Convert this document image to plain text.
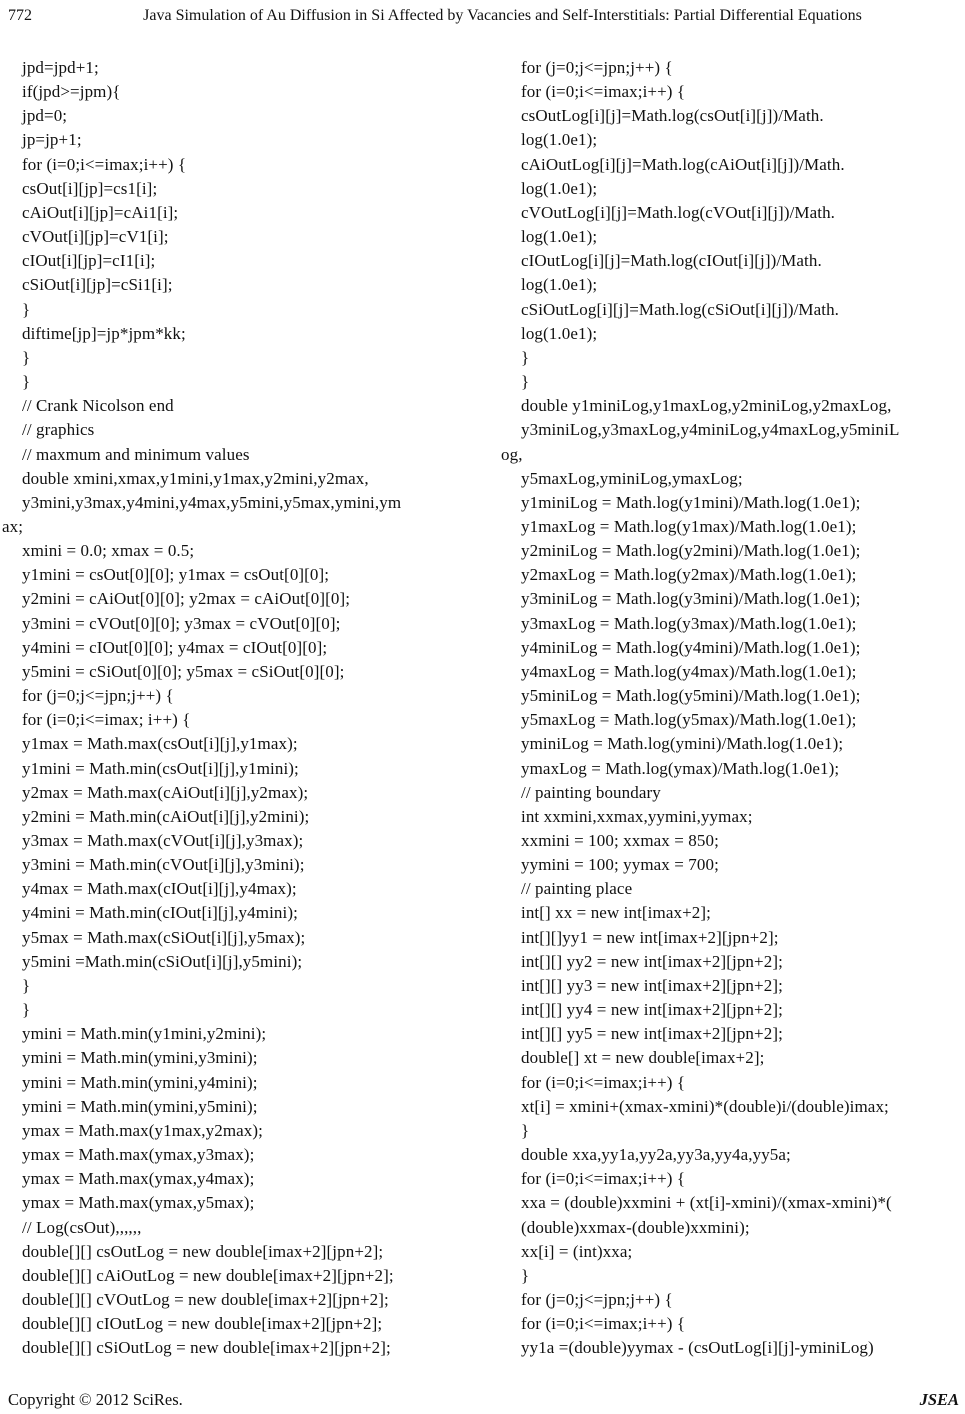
772	Java Simulation of Au Diffusion in Si Affected by Vacancies and Self-Interstitials: Partial Differential Equations
jpd=jpd+1;
if(jpd>=jpm){
jpd=0;
jp=jp+1;
for (i=0;i<=imax;i++) {
csOut[i][jp]=cs1[i];
cAiOut[i][jp]=cAi1[i];
cVOut[i][jp]=cV1[i];
cIOut[i][jp]=cI1[i];
cSiOut[i][jp]=cSi1[i];
}
diftime[jp]=jp*jpm*kk;
}
}
// Crank Nicolson end
// graphics
// maxmum and minimum values
double xmini,xmax,y1mini,y1max,y2mini,y2max,
y3mini,y3max,y4mini,y4max,y5mini,y5max,ymini,ym
ax;
xmini = 0.0; xmax = 0.5;
y1mini = csOut[0][0]; y1max = csOut[0][0];
y2mini = cAiOut[0][0]; y2max = cAiOut[0][0];
y3mini = cVOut[0][0]; y3max = cVOut[0][0];
y4mini = cIOut[0][0]; y4max = cIOut[0][0];
y5mini = cSiOut[0][0]; y5max = cSiOut[0][0];
for (j=0;j<=jpn;j++) {
for (i=0;i<=imax; i++) {
y1max = Math.max(csOut[i][j],y1max);
y1mini = Math.min(csOut[i][j],y1mini);
y2max = Math.max(cAiOut[i][j],y2max);
y2mini = Math.min(cAiOut[i][j],y2mini);
y3max = Math.max(cVOut[i][j],y3max);
y3mini = Math.min(cVOut[i][j],y3mini);
y4max = Math.max(cIOut[i][j],y4max);
y4mini = Math.min(cIOut[i][j],y4mini);
y5max = Math.max(cSiOut[i][j],y5max);
y5mini =Math.min(cSiOut[i][j],y5mini);
}
}
ymini = Math.min(y1mini,y2mini);
ymini = Math.min(ymini,y3mini);
ymini = Math.min(ymini,y4mini);
ymini = Math.min(ymini,y5mini);
ymax = Math.max(y1max,y2max);
ymax = Math.max(ymax,y3max);
ymax = Math.max(ymax,y4max);
ymax = Math.max(ymax,y5max);
// Log(csOut),,,,,,
double[][] csOutLog = new double[imax+2][jpn+2];
double[][] cAiOutLog = new double[imax+2][jpn+2];
double[][] cVOutLog = new double[imax+2][jpn+2];
double[][] cIOutLog = new double[imax+2][jpn+2];
double[][] cSiOutLog = new double[imax+2][jpn+2];
for (j=0;j<=jpn;j++) {
for (i=0;i<=imax;i++) {
csOutLog[i][j]=Math.log(csOut[i][j])/Math.
log(1.0e1);
cAiOutLog[i][j]=Math.log(cAiOut[i][j])/Math.
log(1.0e1);
cVOutLog[i][j]=Math.log(cVOut[i][j])/Math.
log(1.0e1);
cIOutLog[i][j]=Math.log(cIOut[i][j])/Math.
log(1.0e1);
cSiOutLog[i][j]=Math.log(cSiOut[i][j])/Math.
log(1.0e1);
}
}
double y1miniLog,y1maxLog,y2miniLog,y2maxLog,
y3miniLog,y3maxLog,y4miniLog,y4maxLog,y5miniL
og,
y5maxLog,yminiLog,ymaxLog;
y1miniLog = Math.log(y1mini)/Math.log(1.0e1);
y1maxLog = Math.log(y1max)/Math.log(1.0e1);
y2miniLog = Math.log(y2mini)/Math.log(1.0e1);
y2maxLog = Math.log(y2max)/Math.log(1.0e1);
y3miniLog = Math.log(y3mini)/Math.log(1.0e1);
y3maxLog = Math.log(y3max)/Math.log(1.0e1);
y4miniLog = Math.log(y4mini)/Math.log(1.0e1);
y4maxLog = Math.log(y4max)/Math.log(1.0e1);
y5miniLog = Math.log(y5mini)/Math.log(1.0e1);
y5maxLog = Math.log(y5max)/Math.log(1.0e1);
yminiLog = Math.log(ymini)/Math.log(1.0e1);
ymaxLog = Math.log(ymax)/Math.log(1.0e1);
// painting boundary
int xxmini,xxmax,yymini,yymax;
xxmini = 100; xxmax = 850;
yymini = 100; yymax = 700;
// painting place
int[] xx = new int[imax+2];
int[][]yy1 = new int[imax+2][jpn+2];
int[][] yy2 = new int[imax+2][jpn+2];
int[][] yy3 = new int[imax+2][jpn+2];
int[][] yy4 = new int[imax+2][jpn+2];
int[][] yy5 = new int[imax+2][jpn+2];
double[] xt = new double[imax+2];
for (i=0;i<=imax;i++) {
xt[i] = xmini+(xmax-xmini)*(double)i/(double)imax;
}
double xxa,yy1a,yy2a,yy3a,yy4a,yy5a;
for (i=0;i<=imax;i++) {
xxa = (double)xxmini + (xt[i]-xmini)/(xmax-xmini)*(
(double)xxmax-(double)xxmini);
xx[i] = (int)xxa;
}
for (j=0;j<=jpn;j++) {
for (i=0;i<=imax;i++) {
yy1a =(double)yymax - (csOutLog[i][j]-yminiLog)
Copyright © 2012 SciRes.	JSEA
